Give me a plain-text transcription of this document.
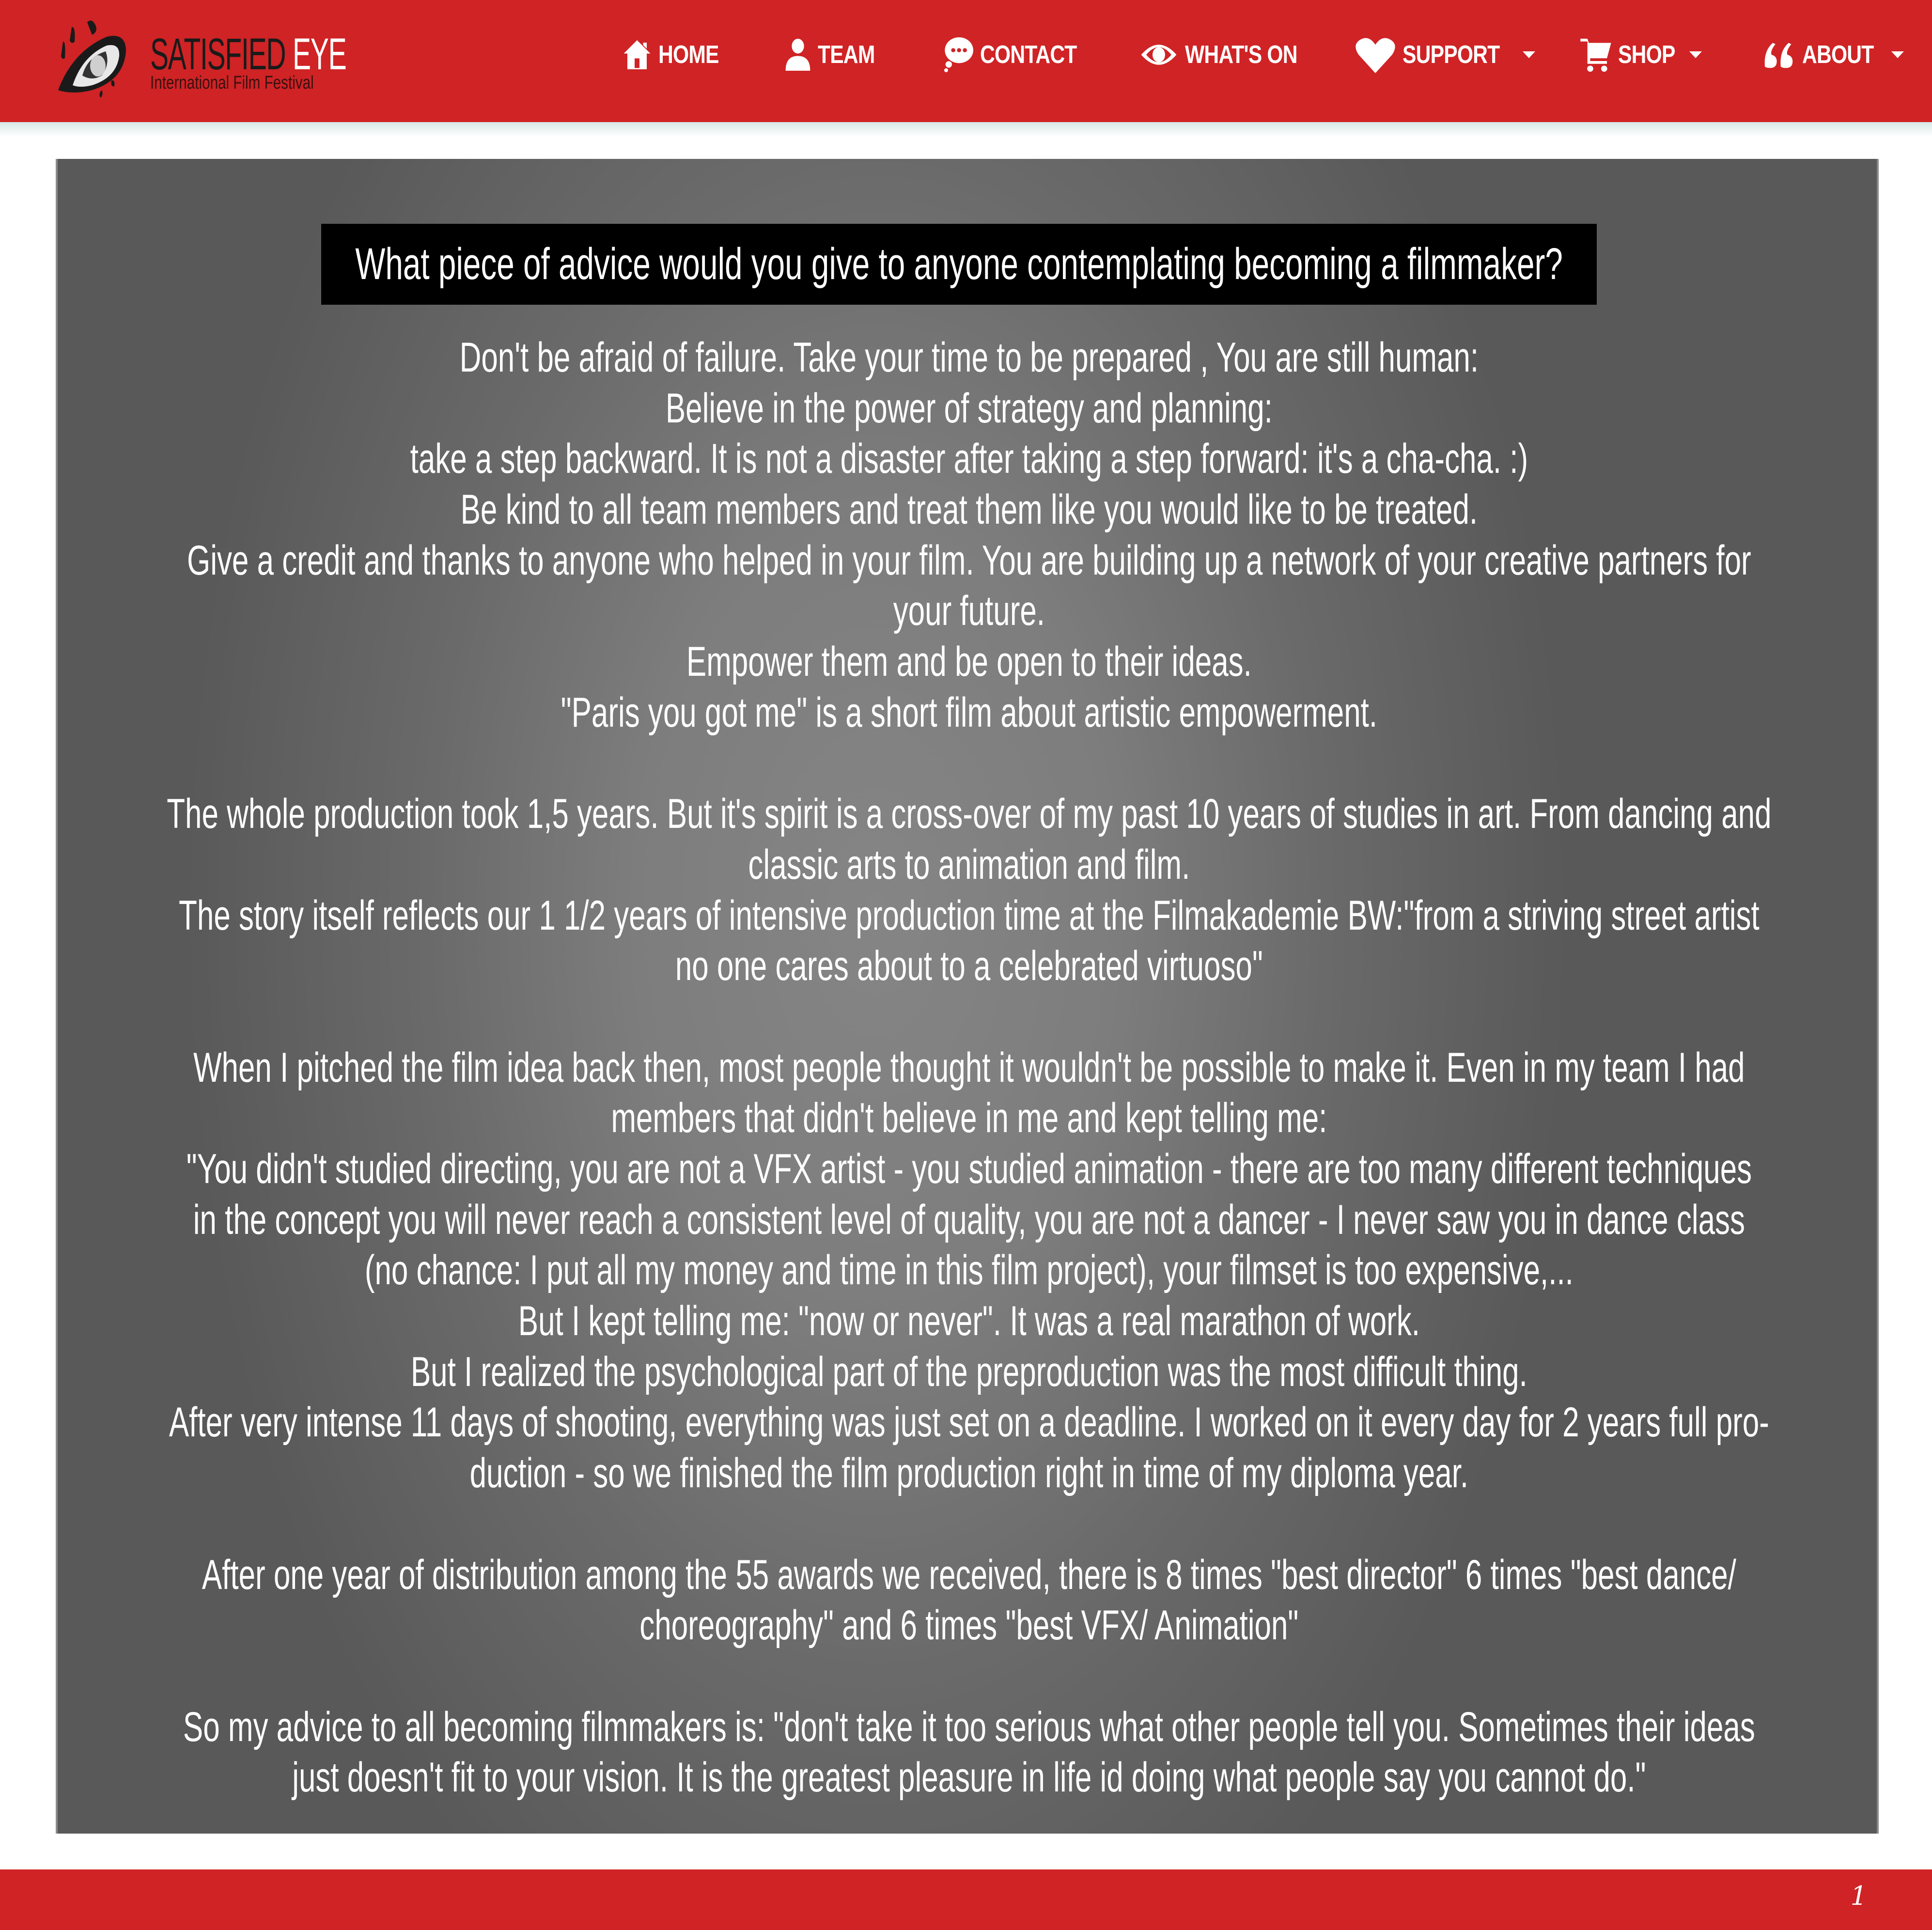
SATISFIED EYE
International Film Festival
HOME	TEAM	CONTACT	WHAT'S ON	SUPPORT	SHOP	ABOUT
What piece of advice would you give to anyone contemplating becoming a filmmaker?
Don't be afraid of failure. Take your time to be prepared , You are still human:
Believe in the power of strategy and planning:
take a step backward. It is not a disaster after taking a step forward: it's a cha-cha. :)
Be kind to all team members and treat them like you would like to be treated.
Give a credit and thanks to anyone who helped in your film. You are building up a network of your creative partners for
your future.
Empower them and be open to their ideas.
"Paris you got me" is a short film about artistic empowerment.
The whole production took 1,5 years. But it's spirit is a cross-over of my past 10 years of studies in art. From dancing and
classic arts to animation and film.
The story itself reflects our 1 1/2 years of intensive production time at the Filmakademie BW:"from a striving street artist
no one cares about to a celebrated virtuoso"
When I pitched the film idea back then, most people thought it wouldn't be possible to make it. Even in my team I had
members that didn't believe in me and kept telling me:
"You didn't studied directing, you are not a VFX artist - you studied animation - there are too many different techniques
in the concept you will never reach a consistent level of quality, you are not a dancer - I never saw you in dance class
(no chance: I put all my money and time in this film project), your filmset is too expensive,...
But I kept telling me: "now or never". It was a real marathon of work.
But I realized the psychological part of the preproduction was the most difficult thing.
After very intense 11 days of shooting, everything was just set on a deadline. I worked on it every day for 2 years full pro-
duction - so we finished the film production right in time of my diploma year.
After one year of distribution among the 55 awards we received, there is 8 times "best director" 6 times "best dance/
choreography" and 6 times "best VFX/ Animation"
So my advice to all becoming filmmakers is: "don't take it too serious what other people tell you. Sometimes their ideas
just doesn't fit to your vision. It is the greatest pleasure in life id doing what people say you cannot do."
1
